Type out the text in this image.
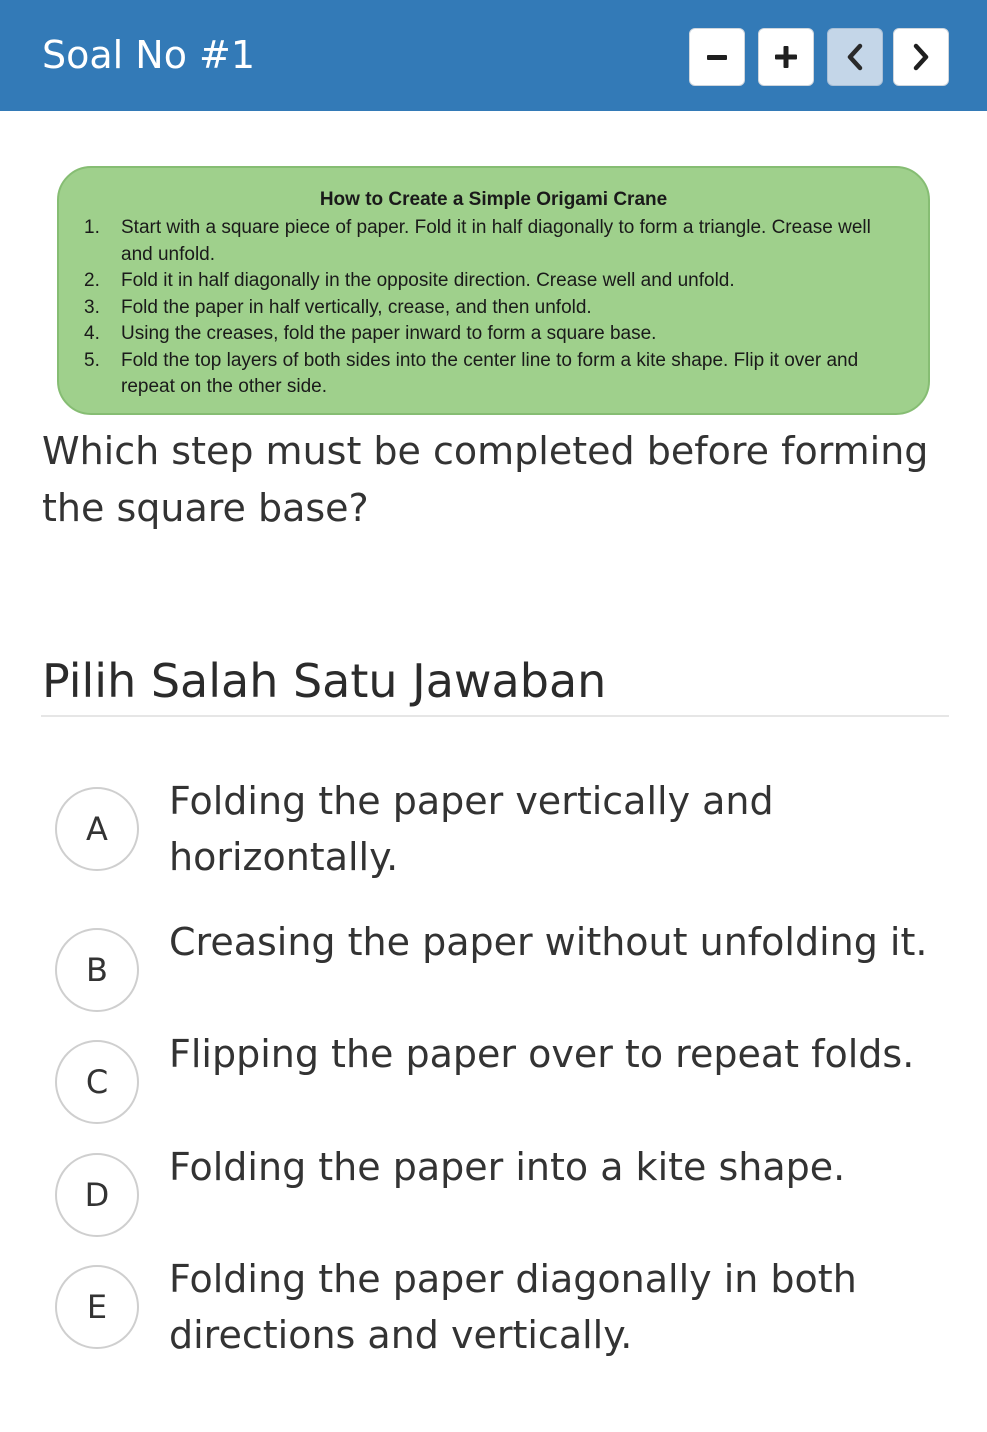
Soal No #1
How to Create a Simple Origami Crane
1.	Start with a square piece of paper. Fold it in half diagonally to form a triangle. Crease well and unfold.
2.	Fold it in half diagonally in the opposite direction. Crease well and unfold.
3.	Fold the paper in half vertically, crease, and then unfold.
4.	Using the creases, fold the paper inward to form a square base.
5.	Fold the top layers of both sides into the center line to form a kite shape. Flip it over and repeat on the other side.
Which step must be completed before forming the square base?
Pilih Salah Satu Jawaban
A
Folding the paper vertically and horizontally.
B
Creasing the paper without unfolding it.
C
Flipping the paper over to repeat folds.
D
Folding the paper into a kite shape.
E
Folding the paper diagonally in both directions and vertically.
